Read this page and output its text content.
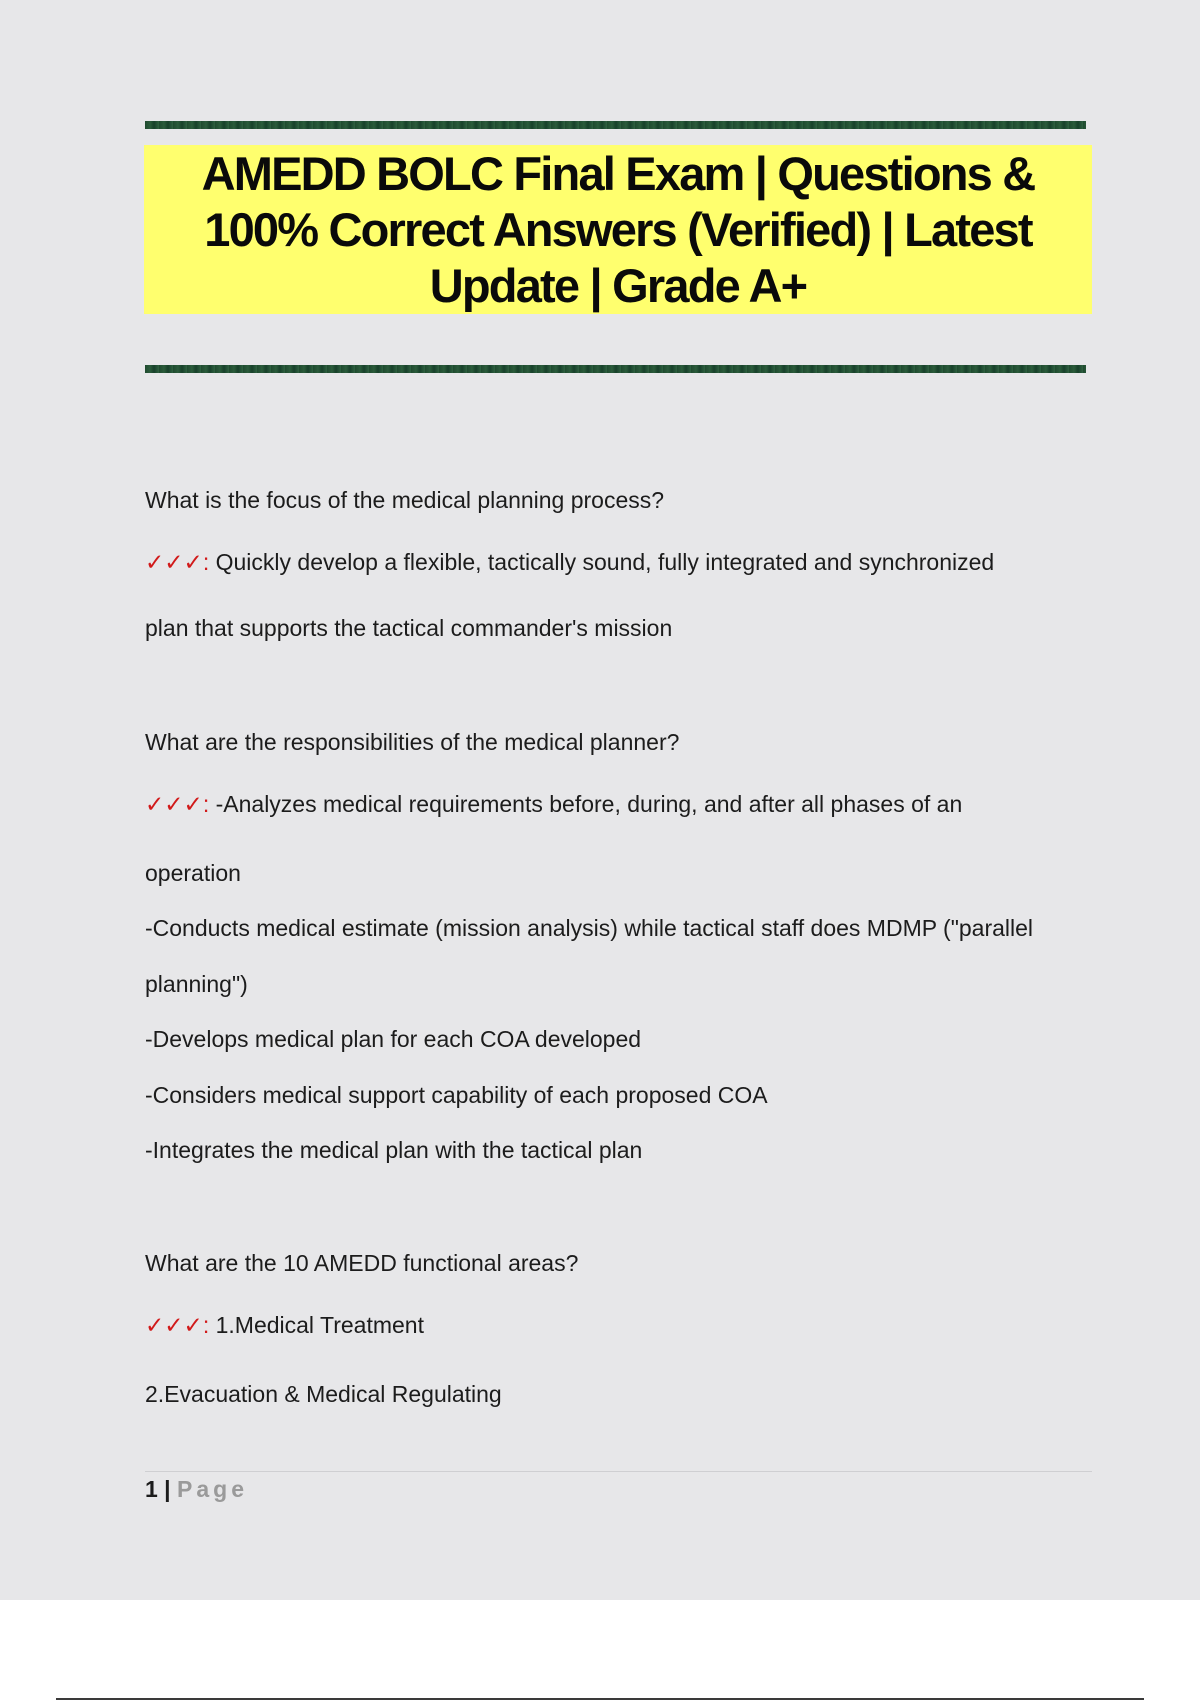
AMEDD BOLC Final Exam | Questions & 100% Correct Answers (Verified) | Latest Update | Grade A+
What is the focus of the medical planning process?
✓✓✓: Quickly develop a flexible, tactically sound, fully integrated and synchronized
plan that supports the tactical commander's mission
What are the responsibilities of the medical planner?
✓✓✓: -Analyzes medical requirements before, during, and after all phases of an
operation
-Conducts medical estimate (mission analysis) while tactical staff does MDMP ("parallel
planning")
-Develops medical plan for each COA developed
-Considers medical support capability of each proposed COA
-Integrates the medical plan with the tactical plan
What are the 10 AMEDD functional areas?
✓✓✓: 1.Medical Treatment
2.Evacuation & Medical Regulating
1 | Page
